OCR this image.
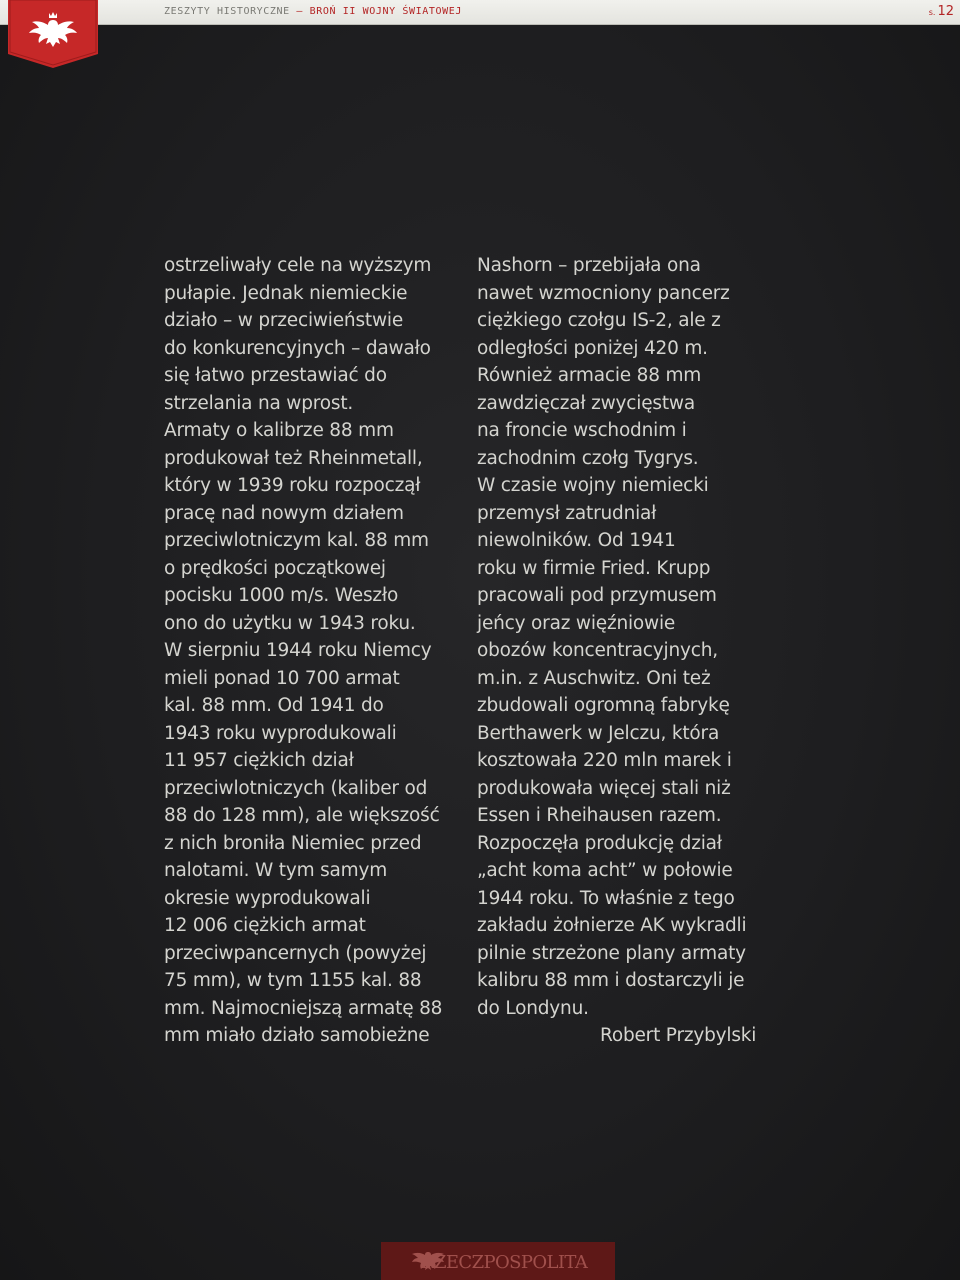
ZESZYTY HISTORYCZNE – BROŃ II WOJNY ŚWIATOWEJ	s. 12
ostrzeliwały cele na wyższym
pułapie. Jednak niemieckie
działo – w przeciwieństwie
do konkurencyjnych – dawało
się łatwo przestawiać do
strzelania na wprost.
Armaty o kalibrze 88 mm
produkował też Rheinmetall,
który w 1939 roku rozpoczął
pracę nad nowym działem
przeciwlotniczym kal. 88 mm
o prędkości początkowej
pocisku 1000 m/s. Weszło
ono do użytku w 1943 roku.
W sierpniu 1944 roku Niemcy
mieli ponad 10 700 armat
kal. 88 mm. Od 1941 do
1943 roku wyprodukowali
11 957 ciężkich dział
przeciwlotniczych (kaliber od
88 do 128 mm), ale większość
z nich broniła Niemiec przed
nalotami. W tym samym
okresie wyprodukowali
12 006 ciężkich armat
przeciwpancernych (powyżej
75 mm), w tym 1155 kal. 88
mm. Najmocniejszą armatę 88
mm miało działo samobieżne
Nashorn – przebijała ona
nawet wzmocniony pancerz
ciężkiego czołgu IS-2, ale z
odległości poniżej 420 m.
Również armacie 88 mm
zawdzięczał zwycięstwa
na froncie wschodnim i
zachodnim czołg Tygrys.
W czasie wojny niemiecki
przemysł zatrudniał
niewolników. Od 1941
roku w firmie Fried. Krupp
pracowali pod przymusem
jeńcy oraz więźniowie
obozów koncentracyjnych,
m.in. z Auschwitz. Oni też
zbudowali ogromną fabrykę
Berthawerk w Jelczu, która
kosztowała 220 mln marek i
produkowała więcej stali niż
Essen i Rheihausen razem.
Rozpoczęła produkcję dział
„acht koma acht” w połowie
1944 roku. To właśnie z tego
zakładu żołnierze AK wykradli
pilnie strzeżone plany armaty
kalibru 88 mm i dostarczyli je
do Londynu.
Robert Przybylski
RZECZPOSPOLITA
